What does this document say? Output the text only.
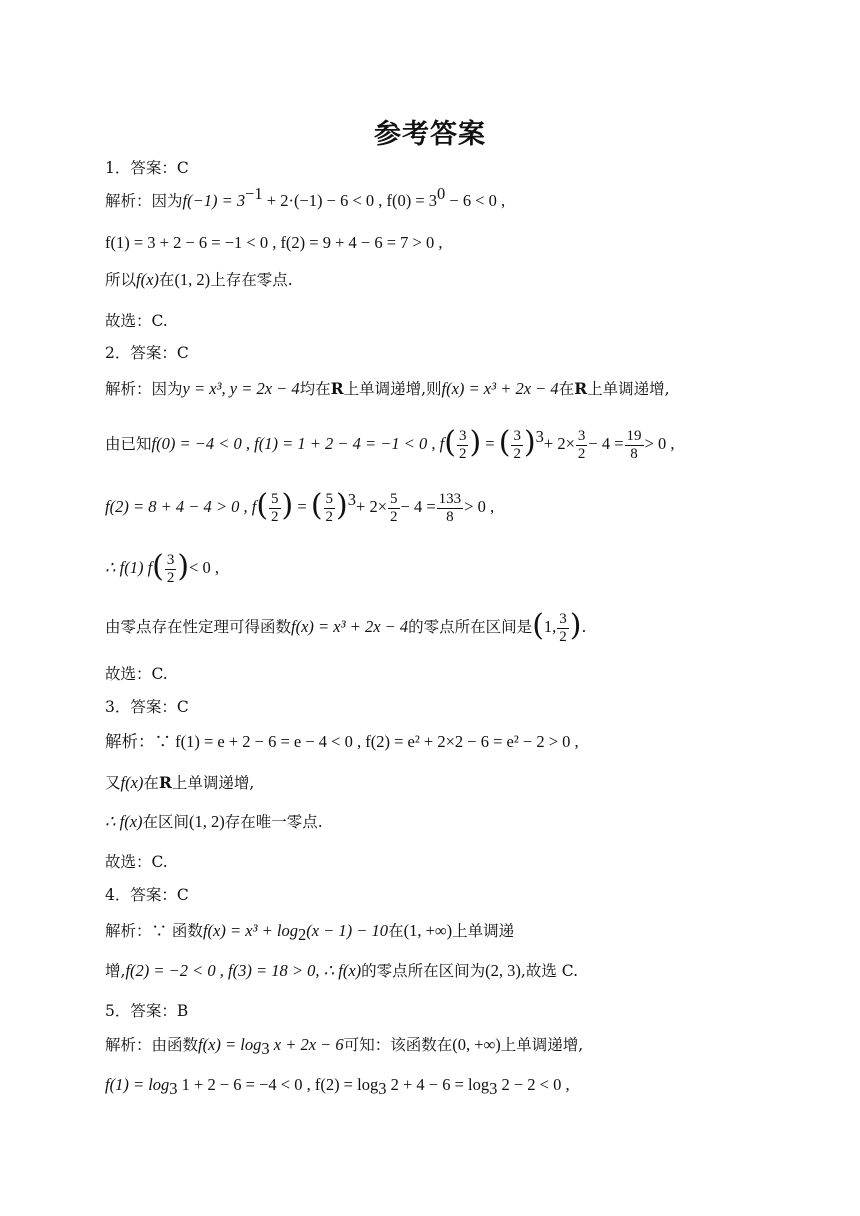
参考答案
1．答案：C
解析：因为$f(-1) = 3^{-1} + 2\cdot(-1) - 6 < 0$ , $f(0) = 3^0 - 6 < 0$ ,
f(1) = 3 + 2 − 6 = −1 < 0 , f(2) = 9 + 4 − 6 = 7 > 0 ,
所以f(x)在(1, 2)上存在零点.
故选：C.
2．答案：C
解析：因为y = x³, y = 2x − 4均在R上单调递增,则f(x) = x³ + 2x − 4在R上单调递增,
由已知f(0) = −4 < 0 , f(1) = 1 + 2 − 4 = −1 < 0 , $f( \frac{3}{2}$ ) = ( $\frac{3}{2} )^3+ 2\times \frac{3}{2} - 4 = \frac{19}{8} > 0$ ,
f(2) = 8 + 4 − 4 > 0 , $f( \frac{5}{2}$ ) = ( $\frac{5}{2} )^3+ 2\times \frac{5}{2} - 4 = \frac{133}{8} > 0$ ,
∴ f(1) $f( \frac{3}{2}$ )< 0 ,
由零点存在性定理可得函数f(x) = x³ + 2x − 4的零点所在区间是(1, $\frac{3}{2}$ ).
故选：C.
3．答案：C
解析：∵ f(1) = e + 2 − 6 = e − 4 < 0 , f(2) = e² + 2×2 − 6 = e² − 2 > 0 ,
又f(x)在R上单调递增,
∴ f(x)在区间(1, 2)存在唯一零点.
故选：C.
4．答案：C
解析：∵ 函数$f(x) = x^3 + \log_2(x - 1) - 10$在(1, +∞)上单调递
增,f(2) = −2 < 0 , f(3) = 18 > 0, ∴ f(x)的零点所在区间为(2, 3),故选 C.
5．答案：B
解析：由函数$f(x) = \log_3 x + 2x - 6$可知：该函数在(0, +∞)上单调递增,
$f(1) = \log_3 1 + 2 - 6 = -4 < 0$ , $f(2) = \log_3 2 + 4 - 6 = \log_3 2 - 2 < 0$ ,
